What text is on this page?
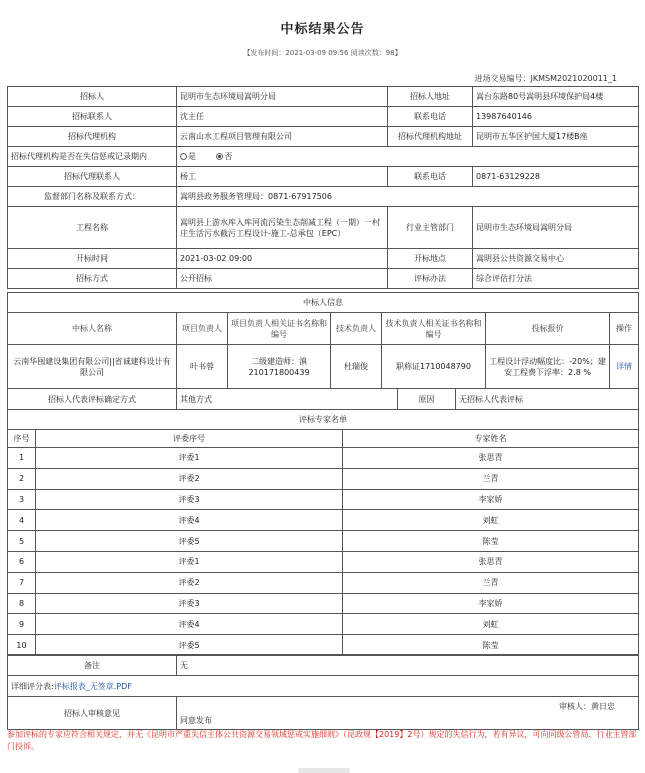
中标结果公告
【发布时间：2021-03-09 09:56 阅读次数：98】
进场交易编号：JKMSM2021020011_1
招标人	昆明市生态环境局嵩明分局	招标人地址	嵩台东路80号嵩明县环境保护局4楼
招标联系人	沈主任	联系电话	13987640146
招标代理机构	云南山水工程项目管理有限公司	招标代理机构地址	昆明市五华区护国大厦17楼B座
招标代理机构是否在失信惩戒记录期内	是 否		
招标代理联系人	杨工	联系电话	0871-63129228
监督部门名称及联系方式：	嵩明县政务服务管理局：0871-67917506		
工程名称	嵩明县上游水库入库河流污染生态削减工程（一期）一村庄生活污水截污工程设计-施工-总承包（EPC）	行业主管部门	昆明市生态环境局嵩明分局
开标时间	2021-03-02 09:00	开标地点	嵩明县公共资源交易中心
招标方式	公开招标	评标办法	综合评估打分法
中标人信息						
中标人名称	项目负责人	项目负责人相关证书名称和编号	技术负责人	技术负责人相关证书名称和编号	投标报价	操作
云南华囤建设集团有限公司||省诚建科设计有限公司	叶书蓉	二级建造师：滇210171800439	杜瑞俊	职称证1710048790	工程设计浮动幅度比：-20%；建安工程费下浮率：2.8 %	详情
招标人代表评标确定方式	其他方式	原因	无招标人代表评标
评标专家名单		
序号	评委序号	专家姓名
1	评委1	张思青
2	评委2	兰青
3	评委3	李家娇
4	评委4	刘虹
5	评委5	陈莹
6	评委1	张思青
7	评委2	兰青
8	评委3	李家娇
9	评委4	刘虹
10	评委5	陈莹
备注	无
详细评分表:评标报表_无签章.PDF	
招标人审核意见	同意发布
审核人：黄日忠
参加评标的专家应符合相关规定，并无《昆明市严重失信主体公共资源交易领域惩戒实施细则》（昆政规【2019】2号）规定的失信行为，若有异议，可向同级公管局、行业主管部门投诉。
